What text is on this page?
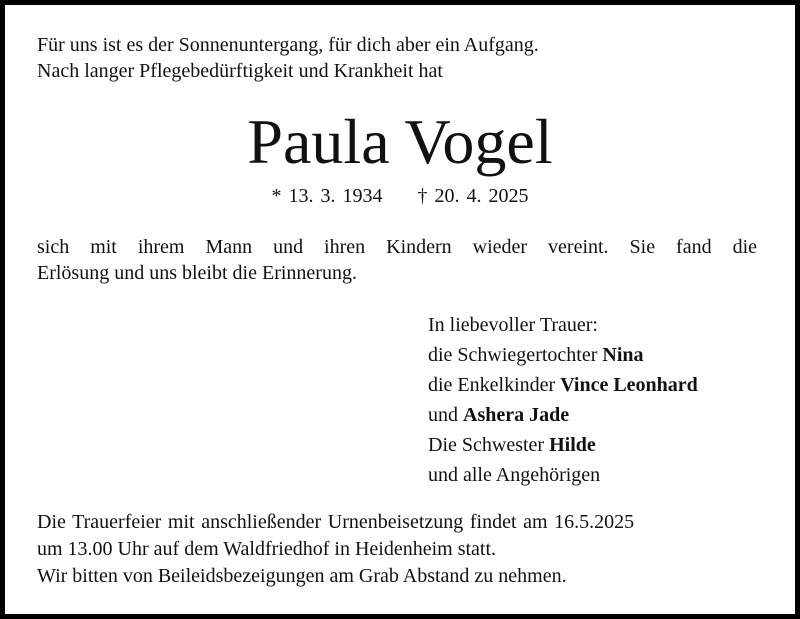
Für uns ist es der Sonnenuntergang, für dich aber ein Aufgang.
Nach langer Pflegebedürftigkeit und Krankheit hat
Paula Vogel
* 13. 3. 1934 † 20. 4. 2025
sich mit ihrem Mann und ihren Kindern wieder vereint. Sie fand die
Erlösung und uns bleibt die Erinnerung.
In liebevoller Trauer:
die Schwiegertochter Nina
die Enkelkinder Vince Leonhard
und Ashera Jade
Die Schwester Hilde
und alle Angehörigen
Die Trauerfeier mit anschließender Urnenbeisetzung findet am 16.5.2025
um 13.00 Uhr auf dem Waldfriedhof in Heidenheim statt.
Wir bitten von Beileidsbezeigungen am Grab Abstand zu nehmen.
